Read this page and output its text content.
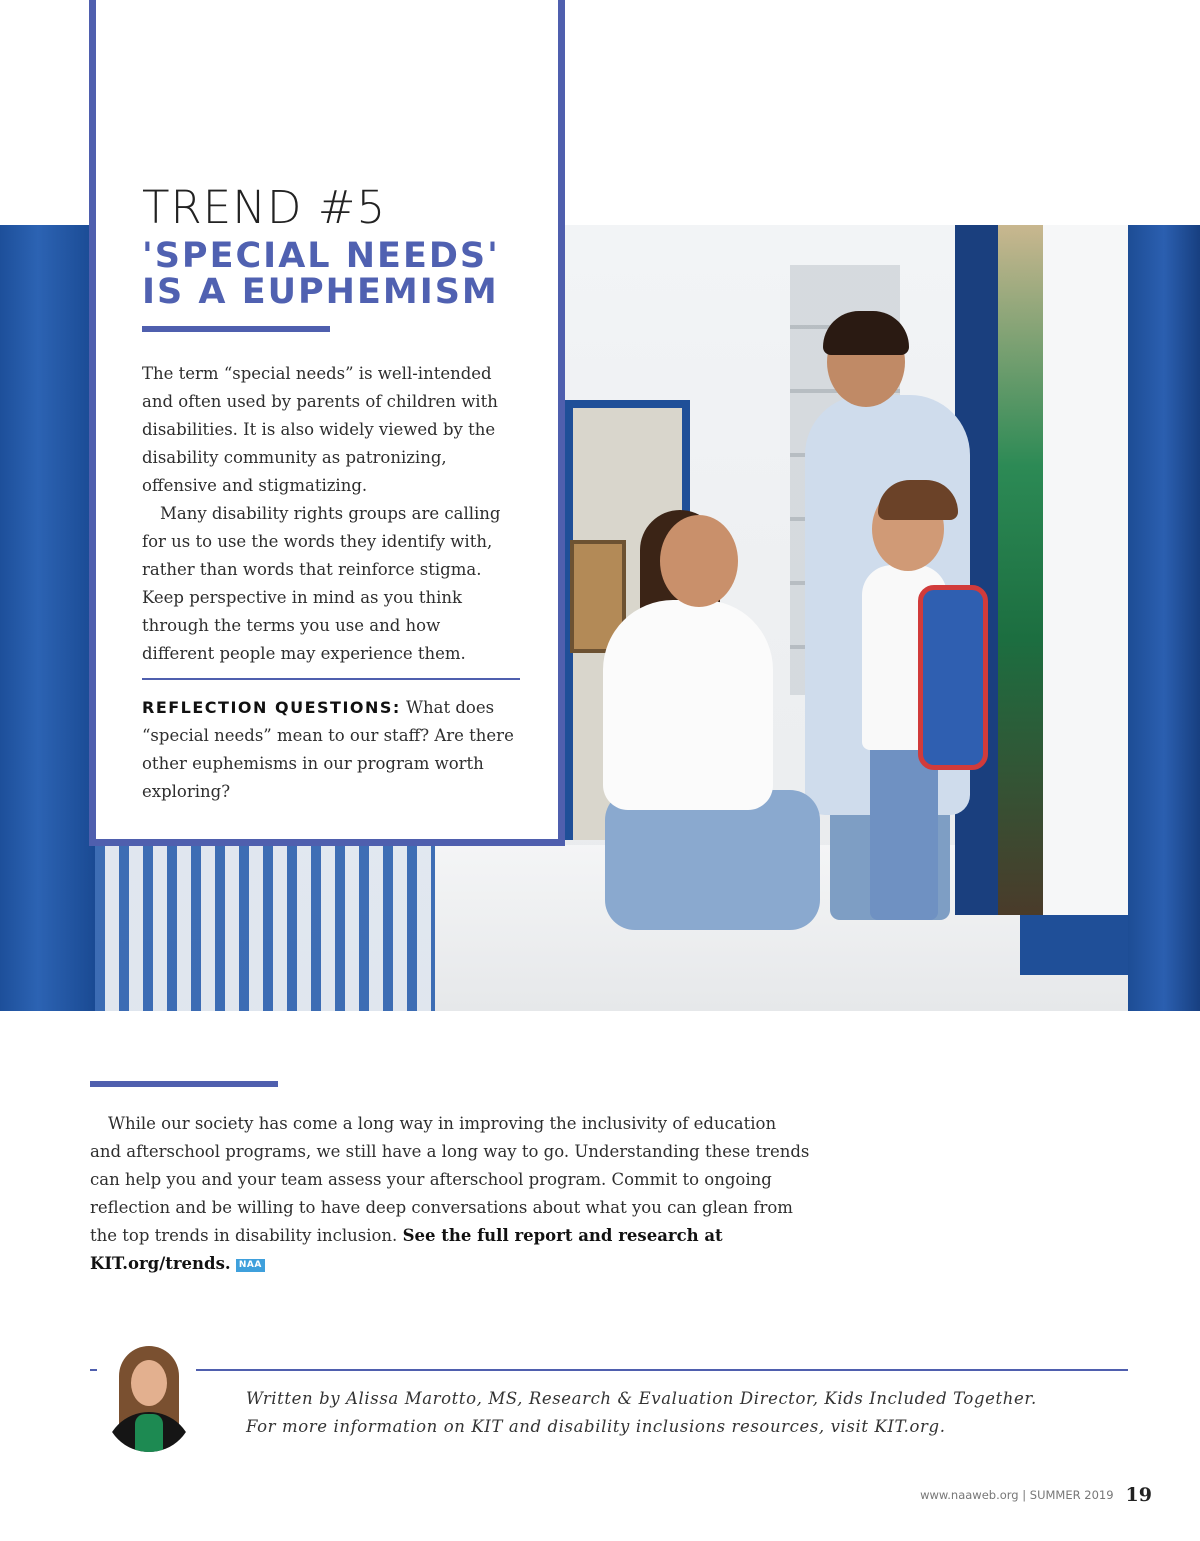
TREND #5
'SPECIAL NEEDS'
IS A EUPHEMISM

The term “special needs” is well-intended and often used by parents of children with disabilities. It is also widely viewed by the disability community as patronizing, offensive and stigmatizing.

Many disability rights groups are calling for us to use the words they identify with, rather than words that reinforce stigma. Keep perspective in mind as you think through the terms you use and how different people may experience them.

REFLECTION QUESTIONS: What does “special needs” mean to our staff? Are there other euphemisms in our program worth exploring?

While our society has come a long way in improving the inclusivity of education and afterschool programs, we still have a long way to go. Understanding these trends can help you and your team assess your afterschool program. Commit to ongoing reflection and be willing to have deep conversations about what you can glean from the top trends in disability inclusion. See the full report and research at KIT.org/trends. NAA

Written by Alissa Marotto, MS, Research & Evaluation Director, Kids Included Together.

For more information on KIT and disability inclusions resources, visit KIT.org.

www.naaweb.org | SUMMER 2019 19
